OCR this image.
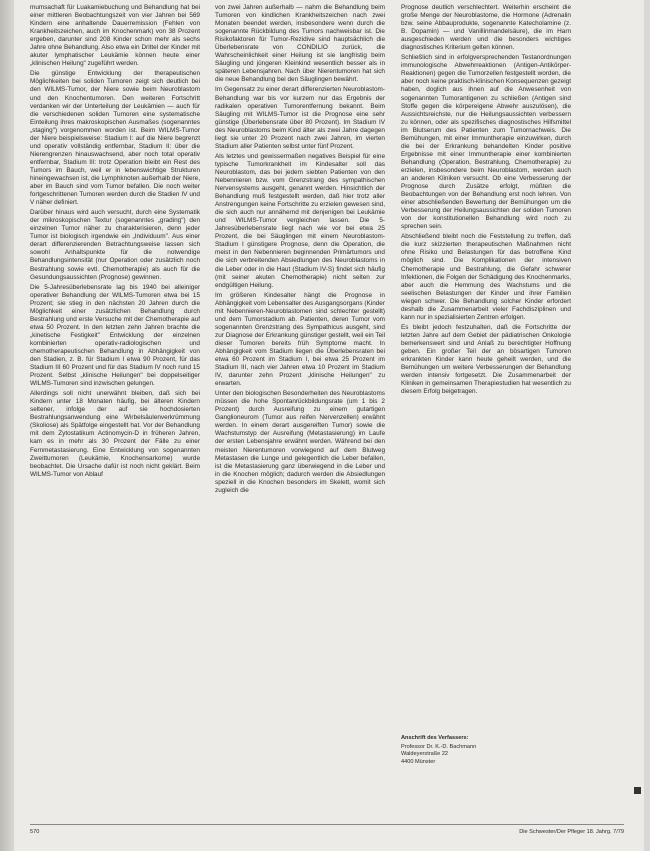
mumsachaft für Luakamiebuchung und Behandlung hat bei einer mittleren Beobachtungszeit von vier Jahren bei 569 Kindern eine anhaltende Dauerremission (Fehlen von Krankheitszeichen, auch im Knochenmark) von 38 Prozent ergeben, darunter sind 208 Kinder schon mehr als sechs Jahre ohne Behandlung. Also etwa ein Drittel der Kinder mit akuter lymphatischer Leukämie können heute einer „klinischen Heilung" zugeführt werden.

Die günstige Entwicklung der therapeutischen Möglichkeiten bei soliden Tumoren zeigt sich deutlich bei den WILMS-Tumor, der Niere sowie beim Neuroblastom und den Knochentumoren. Den weiteren Fortschritt verdanken wir der Unterteilung der Leukämien — auch für die verschiedenen soliden Tumoren eine systematische Einteilung ihres makroskopischen Ausmaßes (sogenanntes „staging") vorgenommen worden ist. Beim WILMS-Tumor der Niere beispielsweise: Stadium I: auf die Niere begrenzt und operativ vollständig entfernbar, Stadium II: über die Nierengrenzen hinauswachsend, aber noch total operativ entfernbar, Stadium III: trotz Operation bleibt ein Rest des Tumors im Bauch, weil er in lebenswichtige Strukturen hineingewachsen ist, die Lymphknoten außerhalb der Niere, aber im Bauch sind vom Tumor befallen. Die noch weiter fortgeschrittenen Tumoren werden durch die Stadien IV und V näher definiert.

Darüber hinaus wird auch versucht, durch eine Systematik der mikroskopischen Textur (sogenanntes „grading") den einzelnen Tumor näher zu charakterisieren, denn jeder Tumor ist biologisch irgendwie ein „Individuum". Aus einer derart differenzierenden Betrachtungsweise lassen sich sowohl Anhaltspunkte für die notwendige Behandlungsintensität (nur Operation oder zusätzlich noch Bestrahlung sowie evtl. Chemotherapie) als auch für die Gesundungsaussichten (Prognose) gewinnen.

Die 5-Jahresüberlebensrate lag bis 1940 bei alleiniger operativer Behandlung der WILMS-Tumoren etwa bei 15 Prozent; sie stieg in den nächsten 20 Jahren durch die Möglichkeit einer zusätzlichen Behandlung durch Bestrahlung und erste Versuche mit der Chemotherapie auf etwa 50 Prozent. In den letzten zehn Jahren brachte die „kinetische Festigkeit" Entwicklung der einzelnen kombinierten operativ-radiologischen und chemotherapeutischen Behandlung in Abhängigkeit von den Stadien, z. B. für Stadium I etwa 90 Prozent, für das Stadium III 60 Prozent und für das Stadium IV noch rund 15 Prozent. Selbst „klinische Heilungen" bei doppelseitiger WILMS-Tumoren sind inzwischen gelungen.

Allerdings soll nicht unerwähnt bleiben, daß sich bei Kindern unter 18 Monaten häufig, bei älteren Kindern seltener, infolge der auf sie hochdosierten Bestrahlungsanwendung eine Wirbelsäulenverkrümmung (Skoliose) als Spätfolge eingestellt hat. Vor der Behandlung mit dem Zytostatikum Actinomycin-D in früheren Jahren, kam es in mehr als 30 Prozent der Fälle zu einer Fernmetastasierung. Eine Entwicklung von sogenannten Zweittumoren (Leukämie, Knochensarkome) wurde beobachtet. Die Ursache dafür ist noch nicht geklärt. Beim WILMS-Tumor von Ablauf

von zwei Jahren außerhalb — nahm die Behandlung beim Tumoren von kindlichen Krankheitszeichen nach zwei Monaten beendet werden, insbesondere wenn durch die sogenannte Rückbildung des Tumors nachweisbar ist. Die Risikofaktoren für Tumor-Rezidive sind hauptsächlich die Überlebensrate von CONDILIO zurück, die Wahrscheinlichkeit einer Heilung ist sie langfristig beim Säugling und jüngeren Kleinkind wesentlich besser als in späteren Lebensjahren. Nach über Nierentumoren hat sich die neue Behandlung bei den Säuglingen bewährt.

Im Gegensatz zu einer derart differenzierten Neuroblastom-Behandlung war bis vor kurzem nur das Ergebnis der radikalen operativen Tumorentfernung bekannt. Beim Säugling mit WILMS-Tumor ist die Prognose eine sehr günstige (Überlebensrate über 80 Prozent). Im Stadium IV des Neuroblastoms beim Kind älter als zwei Jahre dagegen liegt sie unter 20 Prozent nach zwei Jahren, im vierten Stadium aller Patienten selbst unter fünf Prozent.

Als letztes und gewissermaßen negatives Beispiel für eine typische Tumorkrankheit im Kindesalter soll das Neuroblastom, das bei jedem siebten Patienten von den Nebennieren bzw. vom Grenzstrang des sympathischen Nervensystems ausgeht, genannt werden. Hinsichtlich der Behandlung muß festgestellt werden, daß hier trotz aller Anstrengungen keine Fortschritte zu erzielen gewesen sind, die sich auch nur annähernd mit denjenigen bei Leukämie und WILMS-Tumor vergleichen lassen. Die 5-Jahresüberlebensrate liegt nach wie vor bei etwa 25 Prozent, die bei Säuglingen mit einem Neuroblastom-Stadium I günstigere Prognose, denn die Operation, die meist in den Nebennieren beginnenden Primärtumors und die sich verbreitenden Absiedlungen des Neuroblastoms in die Leber oder in die Haut (Stadium IV-S) findet sich häufig (mit seiner akuten Chemotherapie) nicht selten zur endgültigen Heilung.

Im größeren Kindesalter hängt die Prognose in Abhängigkeit vom Lebensalter des Ausgangsorgans (Kinder mit Nebennieren-Neuroblastomen sind schlechter gestellt) und dem Tumorstadium ab. Patienten, deren Tumor vom sogenannten Grenzstrang des Sympathicus ausgeht, sind zur Diagnose der Erkrankung günstiger gestellt, weil ein Teil dieser Tumoren bereits früh Symptome macht. In Abhängigkeit vom Stadium liegen die Überlebensraten bei etwa 60 Prozent im Stadium I, bei etwa 25 Prozent im Stadium III, nach vier Jahren etwa 10 Prozent im Stadium IV, darunter zehn Prozent „klinische Heilungen" zu erwarten.

Unter den biologischen Besonderheiten des Neuroblastoms müssen die hohe Spontanrückbildungsrate (um 1 bis 2 Prozent) durch Ausreifung zu einem gutartigen Ganglioneurom (Tumor aus reifen Nervenzellen) erwähnt werden. In einem derart ausgereiften Tumor) sowie die Wachstumstyp der Ausreifung (Metastasierung) im Laufe der ersten Lebensjahre erwähnt werden. Während bei den meisten Nierentumoren vorwiegend auf dem Blutweg Metastasen die Lunge und gelegentlich die Leber befallen, ist die Metastasierung ganz überwiegend in die Leber und in die Knochen möglich; dadurch werden die Absiedlungen speziell in die Knochen besonders im Skelett, womit sich zugleich die

Prognose deutlich verschlechtert. Weiterhin erscheint die große Menge der Neuroblastome, die Hormone (Adrenalin bzw. seine Abbauprodukte, sogenannte Katecholamine (z. B. Dopamin) — und Vanillinmandelsäure), die im Harn ausgeschieden werden und die besonders wichtiges diagnostisches Kriterium gelten können.

Schließlich sind in erfolgversprechenden Testanordnungen immunologische Abwehrreaktionen (Antigen-Antikörper-Reaktionen) gegen die Tumorzellen festgestellt worden, die aber noch keine praktisch-klinischen Konsequenzen gezeigt haben, doglich aus ihnen auf die Anwesenheit von sogenannten Tumorantigenen zu schließen (Antigen sind Stoffe gegen die körpereigene Abwehr auszulösen), die Aussichtsreichste, nur die Heilungsaussichten verbessern zu können, oder als spezifisches diagnostisches Hilfsmittel im Blutserum des Patienten zum Tumornachweis. Die Bemühungen, mit einer Immuntherapie einzuwirken, durch die bei der Erkrankung behandelten Kinder positive Ergebnisse mit einer Immuntherapie einer kombinierten Behandlung (Operation, Bestrahlung, Chemotherapie) zu erzielen, insbesondere beim Neuroblastom, werden auch an anderen Kliniken versucht. Ob eine Verbesserung der Prognose durch Zusätze erfolgt, müßten die Beobachtungen von der Behandlung erst noch lehren. Von einer abschließenden Bewertung der Bemühungen um die Verbesserung der Heilungsaussichten der soliden Tumoren von der konstitutionellen Behandlung wird noch zu sprechen sein.

Abschließend bleibt noch die Feststellung zu treffen, daß die kurz skizzierten therapeutischen Maßnahmen nicht ohne Risiko und Belastungen für das betroffene Kind möglich sind. Die Komplikationen der intensiven Chemotherapie und Bestrahlung, die Gefahr schwerer Infektionen, die Folgen der Schädigung des Knochenmarks, aber auch die Hemmung des Wachstums und die seelischen Belastungen der Kinder und ihrer Familien wiegen schwer. Die Behandlung solcher Kinder erfordert deshalb die Zusammenarbeit vieler Fachdisziplinen und kann nur in spezialisierten Zentren erfolgen.

Es bleibt jedoch festzuhalten, daß die Fortschritte der letzten Jahre auf dem Gebiet der pädiatrischen Onkologie bemerkenswert sind und Anlaß zu berechtigter Hoffnung geben. Ein großer Teil der an bösartigen Tumoren erkrankten Kinder kann heute geheilt werden, und die Bemühungen um weitere Verbesserungen der Behandlung werden intensiv fortgesetzt. Die Zusammenarbeit der Kliniken in gemeinsamen Therapiestudien hat wesentlich zu diesem Erfolg beigetragen.

Anschrift des Verfassers:
Professor Dr. K.-D. Bachmann
Waldeyerstraße 22
4400 Münster
570	Die Schwester/Der Pfleger 18. Jahrg. 7/79
